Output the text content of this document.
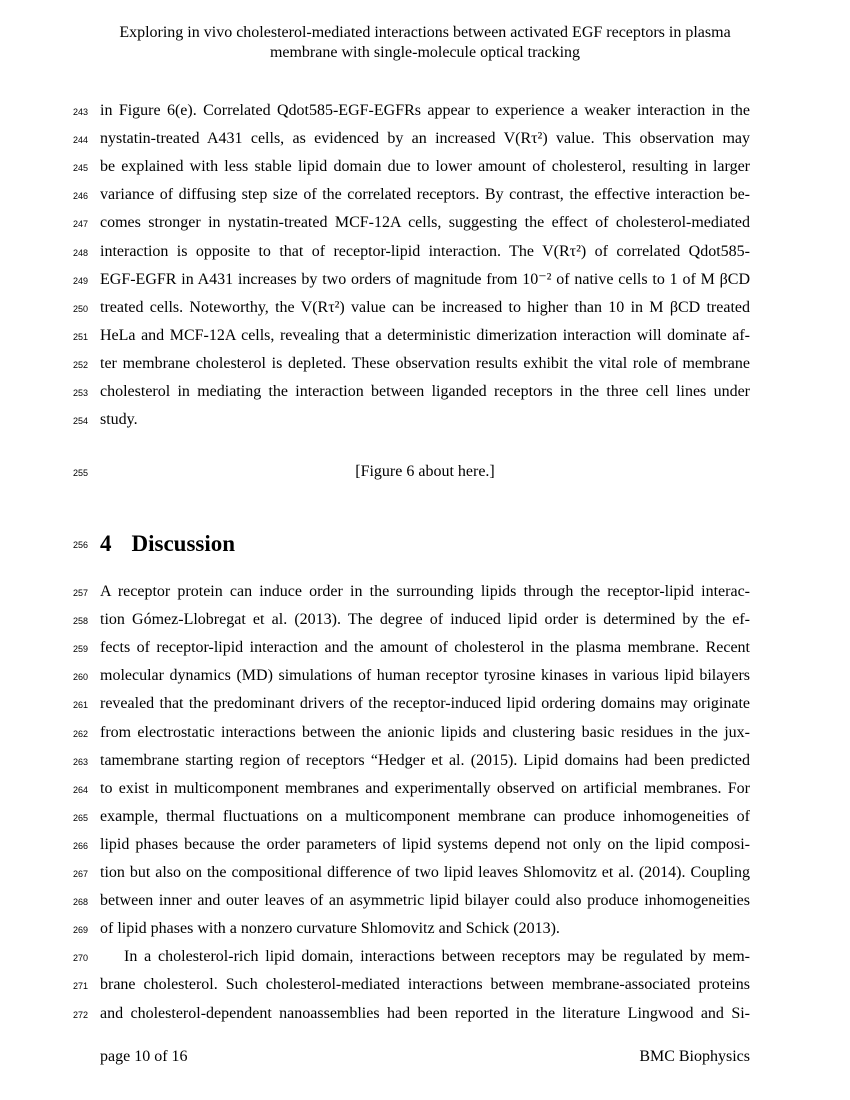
Exploring in vivo cholesterol-mediated interactions between activated EGF receptors in plasma
membrane with single-molecule optical tracking
243 in Figure 6(e). Correlated Qdot585-EGF-EGFRs appear to experience a weaker interaction in the
244 nystatin-treated A431 cells, as evidenced by an increased V(Rτ²) value. This observation may
245 be explained with less stable lipid domain due to lower amount of cholesterol, resulting in larger
246 variance of diffusing step size of the correlated receptors. By contrast, the effective interaction be-
247 comes stronger in nystatin-treated MCF-12A cells, suggesting the effect of cholesterol-mediated
248 interaction is opposite to that of receptor-lipid interaction. The V(Rτ²) of correlated Qdot585-
249 EGF-EGFR in A431 increases by two orders of magnitude from 10⁻² of native cells to 1 of M βCD
250 treated cells. Noteworthy, the V(Rτ²) value can be increased to higher than 10 in M βCD treated
251 HeLa and MCF-12A cells, revealing that a deterministic dimerization interaction will dominate af-
252 ter membrane cholesterol is depleted. These observation results exhibit the vital role of membrane
253 cholesterol in mediating the interaction between liganded receptors in the three cell lines under
254 study.
255	[Figure 6 about here.]
256 4 Discussion
257 A receptor protein can induce order in the surrounding lipids through the receptor-lipid interac-
258 tion Gómez-Llobregat et al. (2013). The degree of induced lipid order is determined by the ef-
259 fects of receptor-lipid interaction and the amount of cholesterol in the plasma membrane. Recent
260 molecular dynamics (MD) simulations of human receptor tyrosine kinases in various lipid bilayers
261 revealed that the predominant drivers of the receptor-induced lipid ordering domains may originate
262 from electrostatic interactions between the anionic lipids and clustering basic residues in the jux-
263 tamembrane starting region of receptors “Hedger et al. (2015). Lipid domains had been predicted
264 to exist in multicomponent membranes and experimentally observed on artificial membranes. For
265 example, thermal fluctuations on a multicomponent membrane can produce inhomogeneities of
266 lipid phases because the order parameters of lipid systems depend not only on the lipid composi-
267 tion but also on the compositional difference of two lipid leaves Shlomovitz et al. (2014). Coupling
268 between inner and outer leaves of an asymmetric lipid bilayer could also produce inhomogeneities
269 of lipid phases with a nonzero curvature Shlomovitz and Schick (2013).
270	In a cholesterol-rich lipid domain, interactions between receptors may be regulated by mem-
271 brane cholesterol. Such cholesterol-mediated interactions between membrane-associated proteins
272 and cholesterol-dependent nanoassemblies had been reported in the literature Lingwood and Si-
page 10 of 16	BMC Biophysics
